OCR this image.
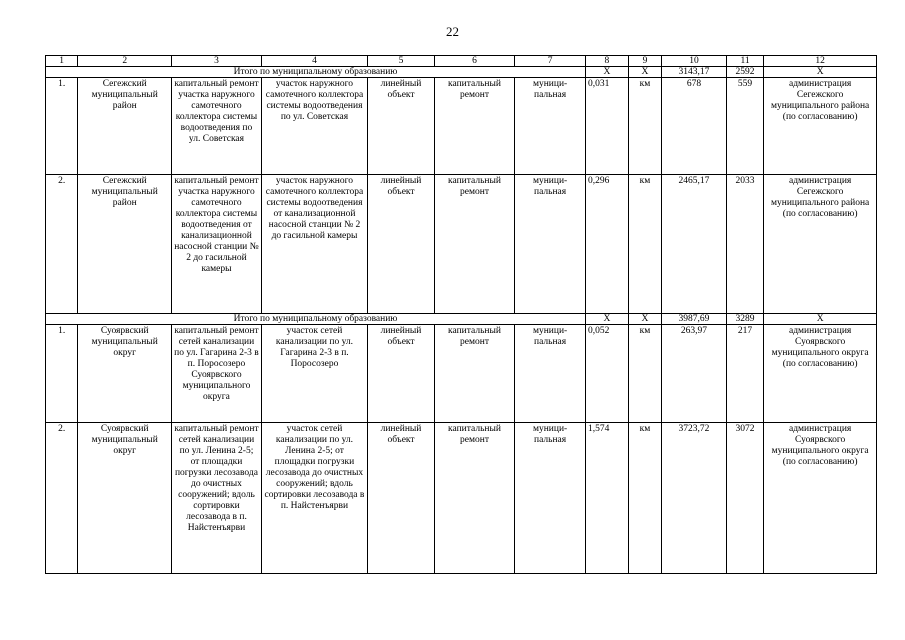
22
1	2	3	4	5	6	7	8	9	10	11	12
Итого по муниципальному образованию							Х	Х	3143,17	2592	Х
1.	Сегежский муниципальный район	капитальный ремонт участка наружного самотечного коллектора системы водоотведения по ул. Советская	участок наружного самотечного коллектора системы водоотведения по ул. Советская	линейный объект	капитальный ремонт	муници-пальная	0,031	км	678	559	администрация Сегежского муниципального района (по согласованию)
2.	Сегежский муниципальный район	капитальный ремонт участка наружного самотечного коллектора системы водоотведения от канализационной насосной станции № 2 до гасильной камеры	участок наружного самотечного коллектора системы водоотведения от канализационной насосной станции № 2 до гасильной камеры	линейный объект	капитальный ремонт	муници-пальная	0,296	км	2465,17	2033	администрация Сегежского муниципального района (по согласованию)
Итого по муниципальному образованию							Х	Х	3987,69	3289	Х
1.	Суоярвский муниципальный округ	капитальный ремонт сетей канализации по ул. Гагарина 2-3 в п. Поросозеро Суоярвского муниципального округа	участок сетей канализации по ул. Гагарина 2-3 в п. Поросозеро	линейный объект	капитальный ремонт	муници-пальная	0,052	км	263,97	217	администрация Суоярвского муниципального округа (по согласованию)
2.	Суоярвский муниципальный округ	капитальный ремонт сетей канализации по ул. Ленина 2-5; от площадки погрузки лесозавода до очистных сооружений; вдоль сортировки лесозавода в п. Найстенъярви	участок сетей канализации по ул. Ленина 2-5; от площадки погрузки лесозавода до очистных сооружений; вдоль сортировки лесозавода в п. Найстенъярви	линейный объект	капитальный ремонт	муници-пальная	1,574	км	3723,72	3072	администрация Суоярвского муниципального округа (по согласованию)
